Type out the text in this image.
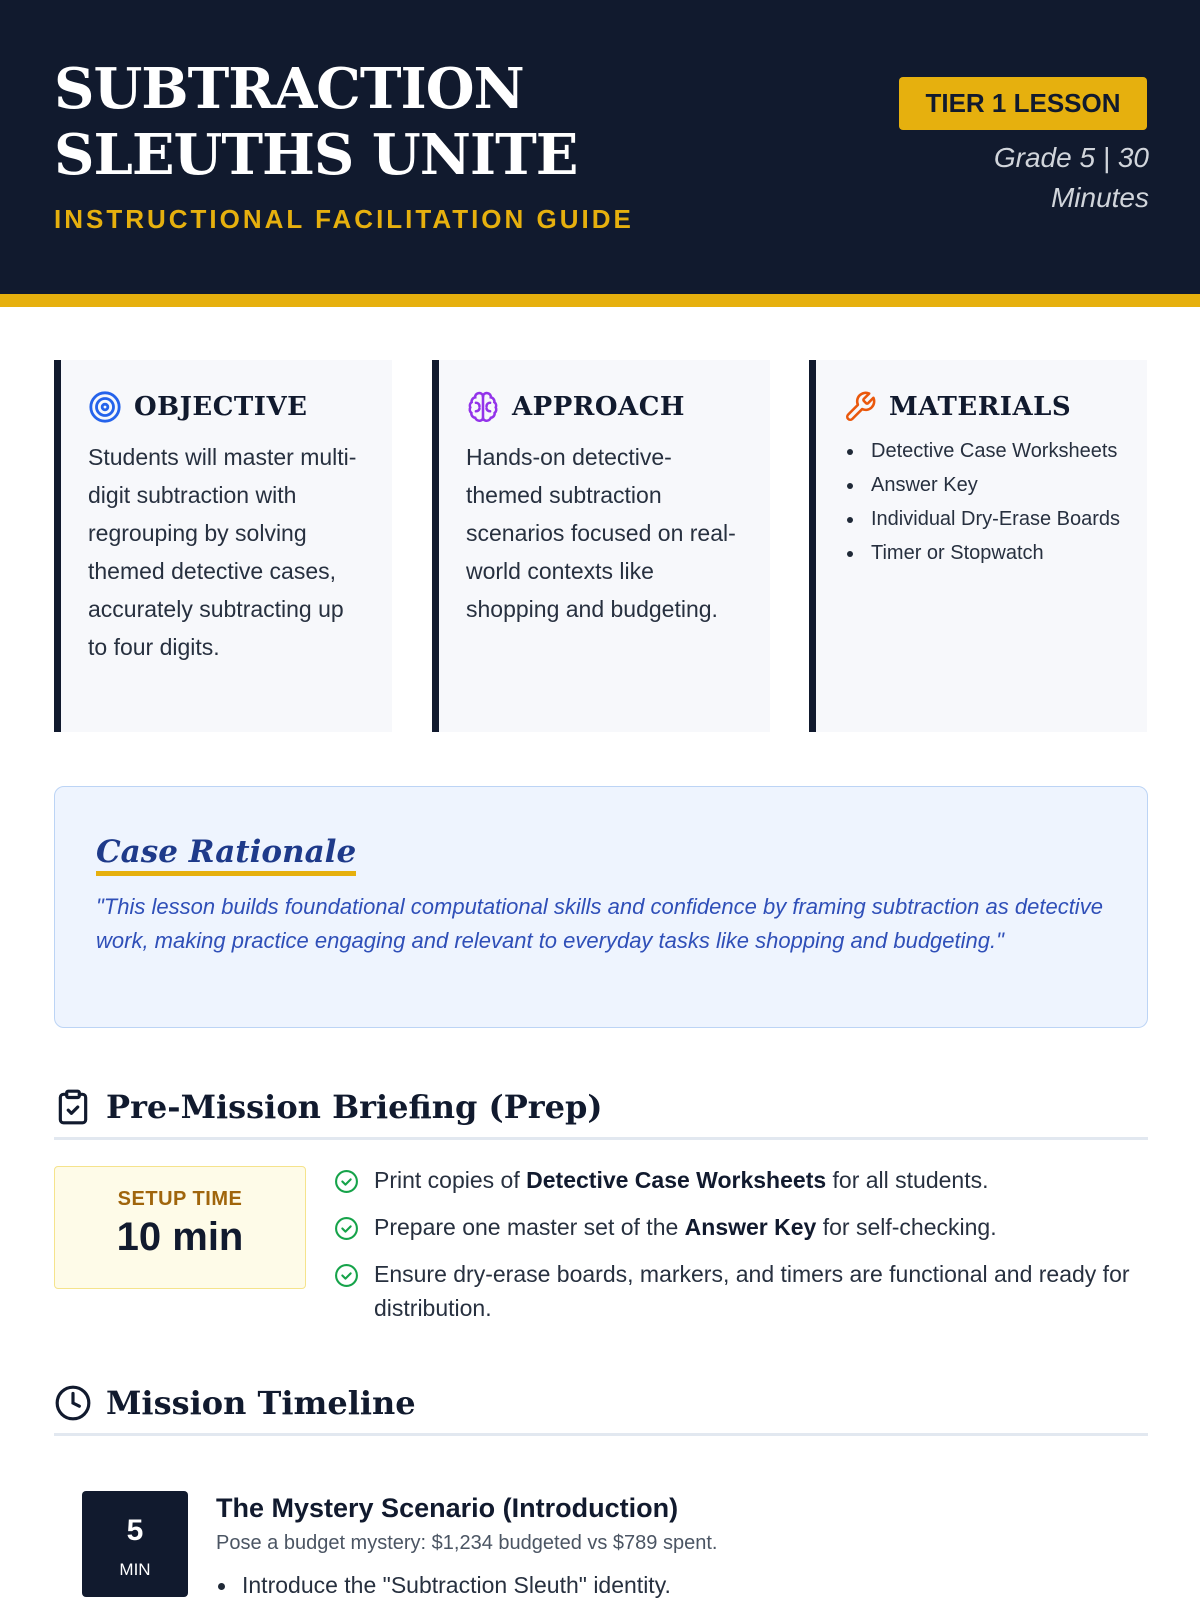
SUBTRACTION SLEUTHS UNITE
INSTRUCTIONAL FACILITATION GUIDE
TIER 1 LESSON
Grade 5 | 30 Minutes
OBJECTIVE

Students will master multi-digit subtraction with regrouping by solving themed detective cases, accurately subtracting up to four digits.

APPROACH

Hands-on detective-themed subtraction scenarios focused on real-world contexts like shopping and budgeting.

MATERIALS
Detective Case Worksheets
Answer Key
Individual Dry-Erase Boards
Timer or Stopwatch
Case Rationale

"This lesson builds foundational computational skills and confidence by framing subtraction as detective work, making practice engaging and relevant to everyday tasks like shopping and budgeting."

Pre-Mission Briefing (Prep)
SETUP TIME
10 min
Print copies of Detective Case Worksheets for all students.
Prepare one master set of the Answer Key for self-checking.
Ensure dry-erase boards, markers, and timers are functional and ready for distribution.
Mission Timeline
5
MIN
The Mystery Scenario (Introduction)
Pose a budget mystery: $1,234 budgeted vs $789 spent.
Introduce the "Subtraction Sleuth" identity.
